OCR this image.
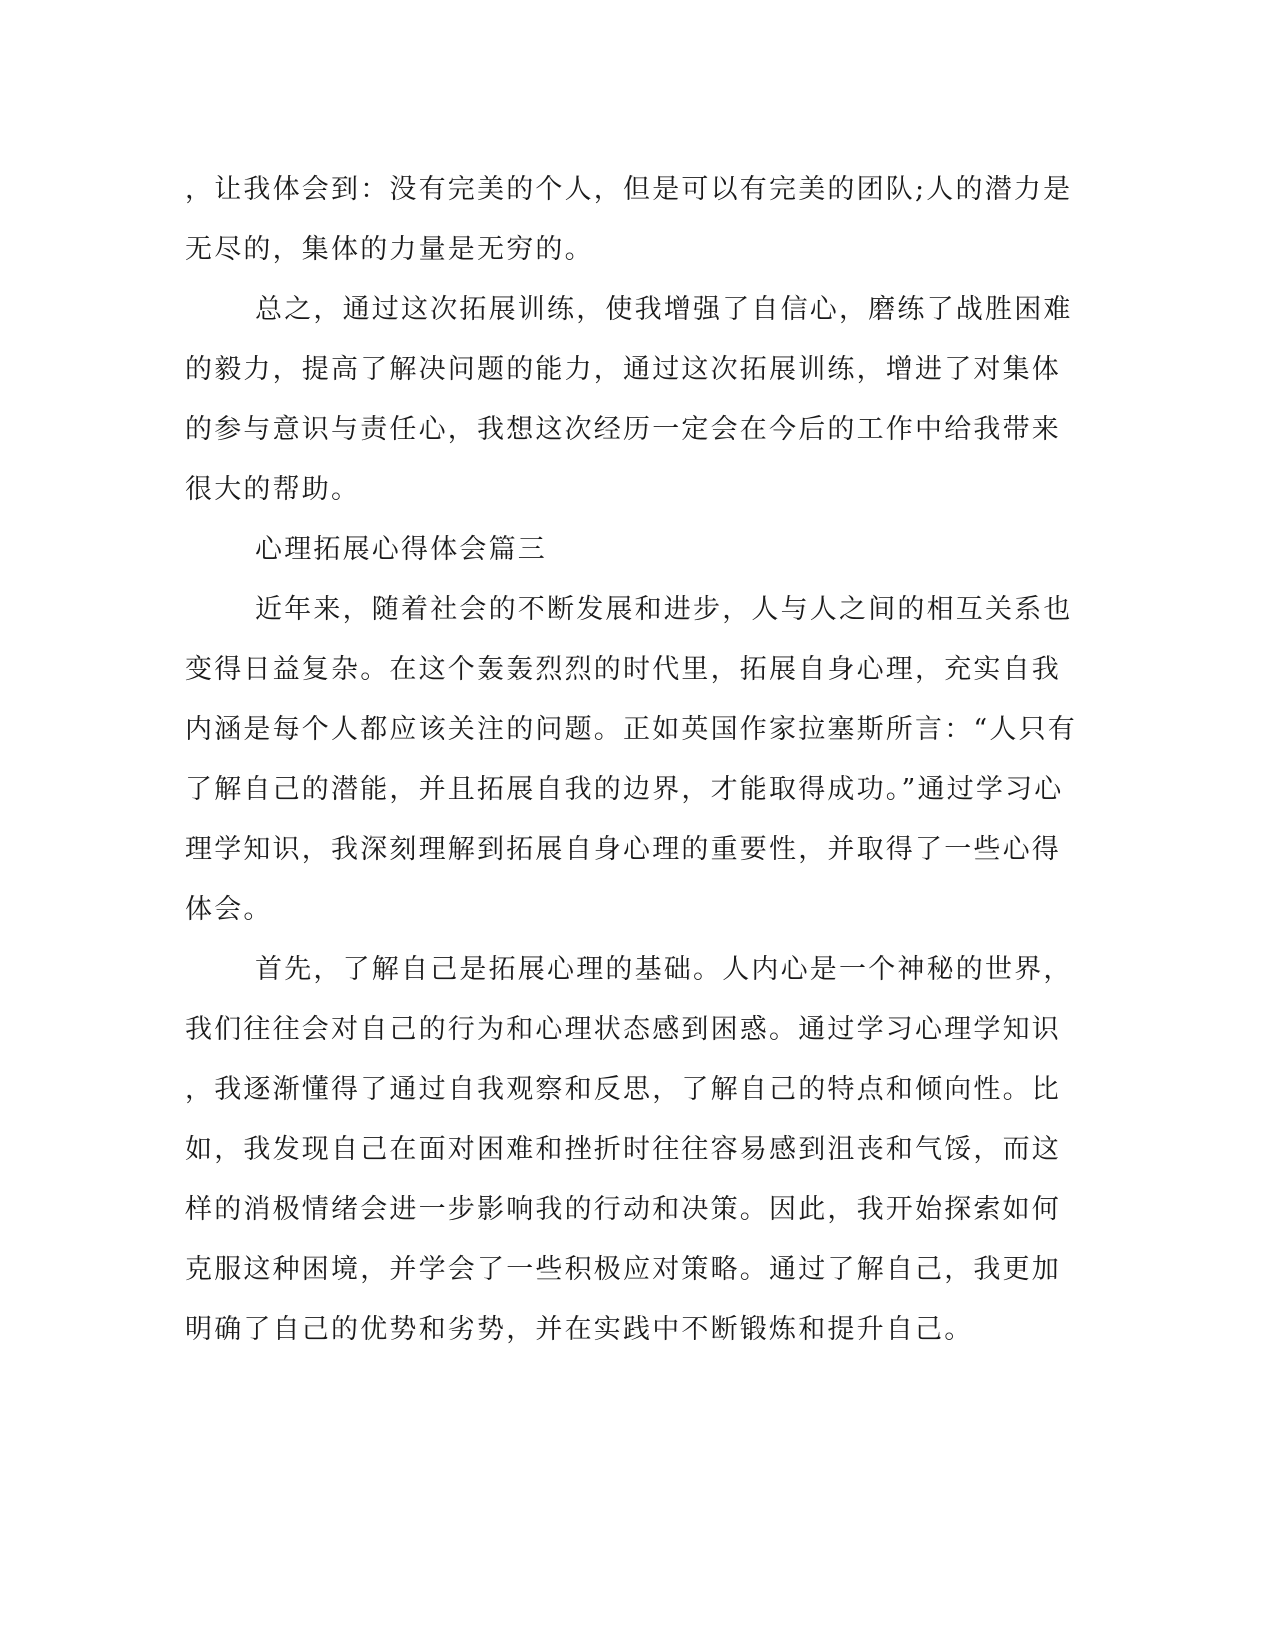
，让我体会到：没有完美的个人，但是可以有完美的团队;人的潜力是
无尽的，集体的力量是无穷的。
总之，通过这次拓展训练，使我增强了自信心，磨练了战胜困难
的毅力，提高了解决问题的能力，通过这次拓展训练，增进了对集体
的参与意识与责任心，我想这次经历一定会在今后的工作中给我带来
很大的帮助。
心理拓展心得体会篇三
近年来，随着社会的不断发展和进步，人与人之间的相互关系也
变得日益复杂。在这个轰轰烈烈的时代里，拓展自身心理，充实自我
内涵是每个人都应该关注的问题。正如英国作家拉塞斯所言：“人只有
了解自己的潜能，并且拓展自我的边界，才能取得成功。”通过学习心
理学知识，我深刻理解到拓展自身心理的重要性，并取得了一些心得
体会。
首先，了解自己是拓展心理的基础。人内心是一个神秘的世界，
我们往往会对自己的行为和心理状态感到困惑。通过学习心理学知识
，我逐渐懂得了通过自我观察和反思，了解自己的特点和倾向性。比
如，我发现自己在面对困难和挫折时往往容易感到沮丧和气馁，而这
样的消极情绪会进一步影响我的行动和决策。因此，我开始探索如何
克服这种困境，并学会了一些积极应对策略。通过了解自己，我更加
明确了自己的优势和劣势，并在实践中不断锻炼和提升自己。
